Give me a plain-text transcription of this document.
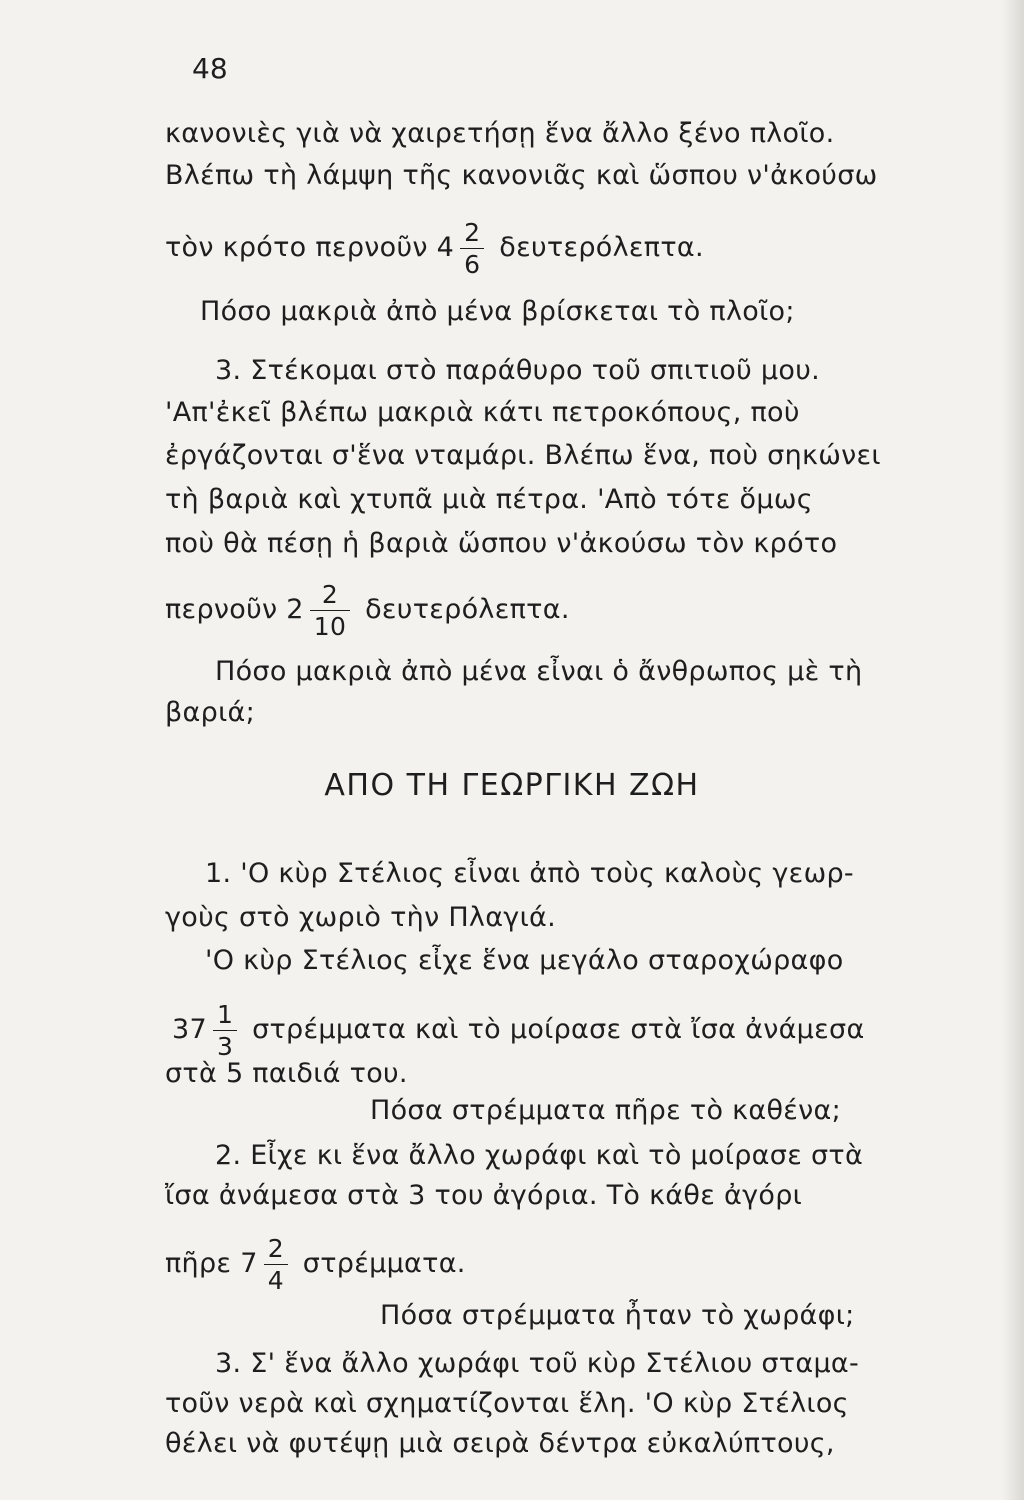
48
κανονιὲς γιὰ νὰ χαιρετήσῃ ἕνα ἄλλο ξένο πλοῖο.
Βλέπω τὴ λάμψη τῆς κανονιᾶς καὶ ὥσπου ν'ἀκούσω
τὸν κρότο περνοῦν $4 \frac{2}{6} \delta\varepsilon\upsilon\tau\varepsilon\rho ό\lambda\varepsilon\pi\tau\alpha$.
Πόσο μακριὰ ἀπὸ μένα βρίσκεται τὸ πλοῖο;
3. Στέκομαι στὸ παράθυρο τοῦ σπιτιοῦ μου.
'Απ'ἐκεῖ βλέπω μακριὰ κάτι πετροκόπους, ποὺ
ἐργάζονται σ'ἕνα νταμάρι. Βλέπω ἕνα, ποὺ σηκώνει
τὴ βαριὰ καὶ χτυπᾶ μιὰ πέτρα. 'Απὸ τότε ὅμως
ποὺ θὰ πέσῃ ἡ βαριὰ ὥσπου ν'ἀκούσω τὸν κρότο
περνοῦν $2 \frac{2}{10} \delta\varepsilon\upsilon\tau\varepsilon\rho ό\lambda\varepsilon\pi\tau\alpha$.
Πόσο μακριὰ ἀπὸ μένα εἶναι ὁ ἄνθρωπος μὲ τὴ
βαριά;
ΑΠΟ ΤΗ ΓΕΩΡΓΙΚΗ ΖΩΗ
1. 'Ο κὺρ Στέλιος εἶναι ἀπὸ τοὺς καλοὺς γεωρ-
γοὺς στὸ χωριὸ τὴν Πλαγιά.
'Ο κὺρ Στέλιος εἶχε ἕνα μεγάλο σταροχώραφο
$37 \frac{1}{3}$ στρέμματα καὶ τὸ μοίρασε στὰ ἴσα ἀνάμεσα
στὰ 5 παιδιά του.
Πόσα στρέμματα πῆρε τὸ καθένα;
2. Εἶχε κι ἕνα ἄλλο χωράφι καὶ τὸ μοίρασε στὰ
ἴσα ἀνάμεσα στὰ 3 του ἀγόρια. Τὸ κάθε ἀγόρι
πῆρε $7 \frac{2}{4} \sigma\tau\rho έ\mu\mu\alpha\tau\alpha$.
Πόσα στρέμματα ἦταν τὸ χωράφι;
3. Σ' ἕνα ἄλλο χωράφι τοῦ κὺρ Στέλιου σταμα-
τοῦν νερὰ καὶ σχηματίζονται ἕλη. 'Ο κὺρ Στέλιος
θέλει νὰ φυτέψῃ μιὰ σειρὰ δέντρα εὐκαλύπτους,
